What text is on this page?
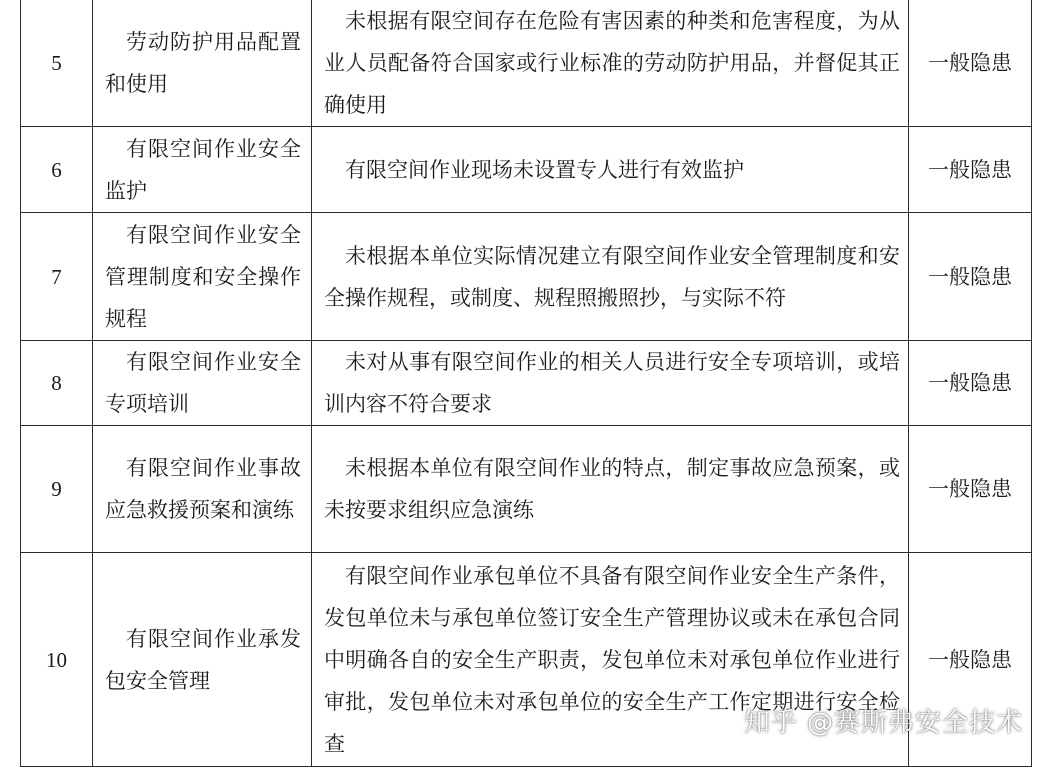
5	劳动防护用品配置和使用	未根据有限空间存在危险有害因素的种类和危害程度，为从业人员配备符合国家或行业标准的劳动防护用品，并督促其正确使用	一般隐患
6	有限空间作业安全监护	有限空间作业现场未设置专人进行有效监护	一般隐患
7	有限空间作业安全管理制度和安全操作规程	未根据本单位实际情况建立有限空间作业安全管理制度和安全操作规程，或制度、规程照搬照抄，与实际不符	一般隐患
8	有限空间作业安全专项培训	未对从事有限空间作业的相关人员进行安全专项培训，或培训内容不符合要求	一般隐患
9	有限空间作业事故应急救援预案和演练	未根据本单位有限空间作业的特点，制定事故应急预案，或未按要求组织应急演练	一般隐患
10	有限空间作业承发包安全管理	有限空间作业承包单位不具备有限空间作业安全生产条件，发包单位未与承包单位签订安全生产管理协议或未在承包合同中明确各自的安全生产职责，发包单位未对承包单位作业进行审批，发包单位未对承包单位的安全生产工作定期进行安全检查	一般隐患
知乎 @赛斯弗安全技术
